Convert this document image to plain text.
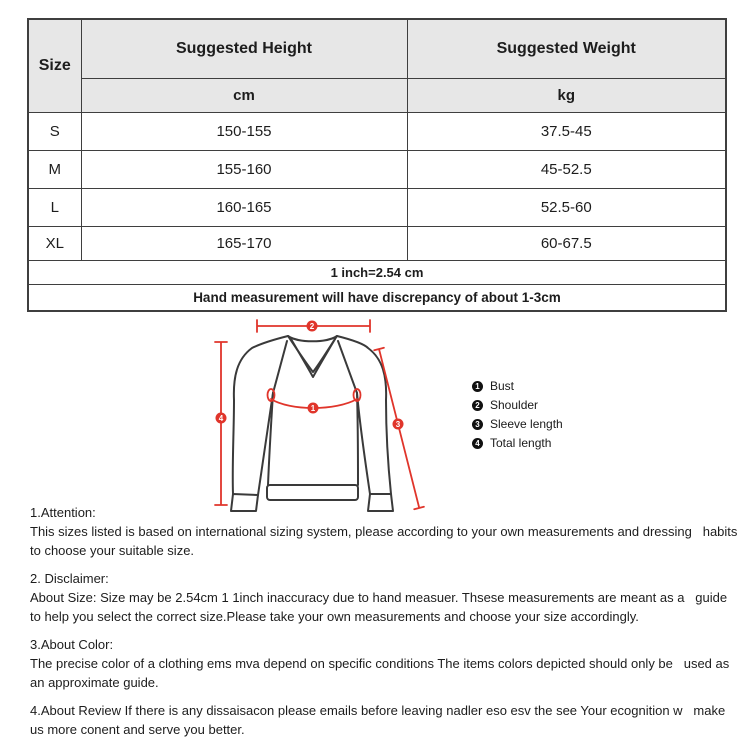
Size	Suggested Height	Suggested Weight
	cm	kg
S	150-155	37.5-45
M	155-160	45-52.5
L	160-165	52.5-60
XL	165-170	60-67.5
1 inch=2.54 cm		
Hand measurement will have discrepancy of about 1-3cm		
2
4
1
3
1 Bust
2 Shoulder
3 Sleeve length
4 Total length
1.Attention:
This sizes listed is based on international sizing system, please according to your own measurements and dressing   habits
to choose your suitable size.
2. Disclaimer:
About Size: Size may be 2.54cm 1 1inch inaccuracy due to hand measuer. Thsese measurements are meant as a   guide
to help you select the correct size.Please take your own measurements and choose your size accordingly.
3.About Color:
The precise color of a clothing ems mva depend on specific conditions The items colors depicted should only be   used as
an approximate guide.
4.About Review If there is any dissaisacon please emails before leaving nadler eso esv the see Your ecognition w   make
us more conent and serve you better.
